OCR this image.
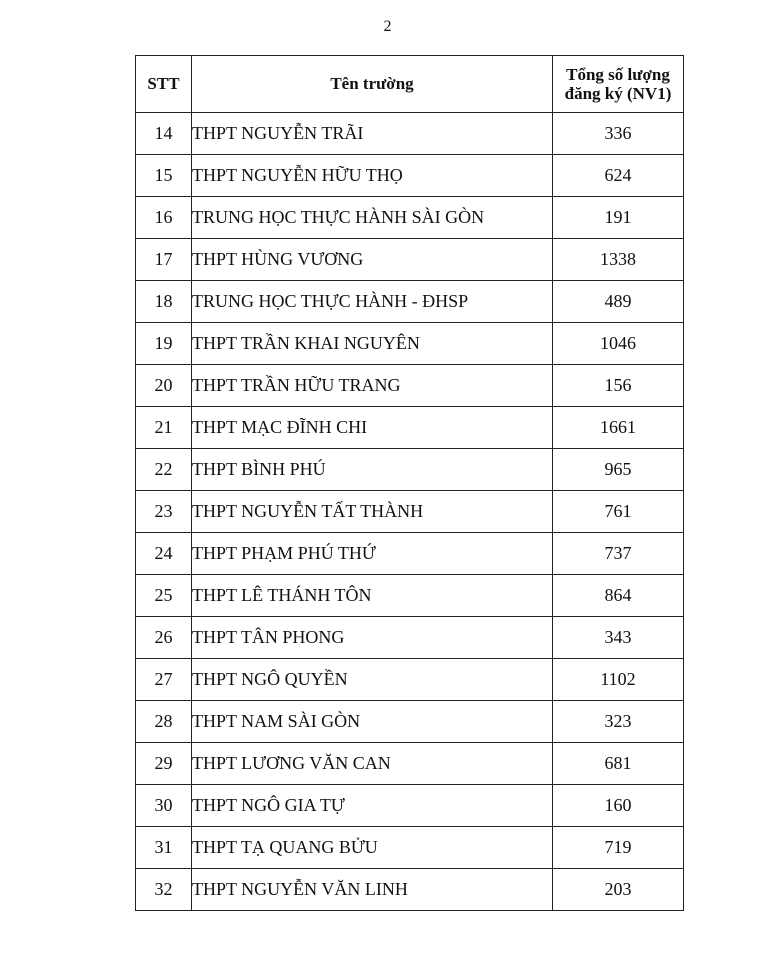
2
STT	Tên trường	Tổng số lượng
đăng ký (NV1)

14	THPT NGUYỄN TRÃI	336
15	THPT NGUYỄN HỮU THỌ	624
16	TRUNG HỌC THỰC HÀNH SÀI GÒN	191
17	THPT HÙNG VƯƠNG	1338
18	TRUNG HỌC THỰC HÀNH - ĐHSP	489
19	THPT TRẦN KHAI NGUYÊN	1046
20	THPT TRẦN HỮU TRANG	156
21	THPT MẠC ĐĨNH CHI	1661
22	THPT BÌNH PHÚ	965
23	THPT NGUYỄN TẤT THÀNH	761
24	THPT PHẠM PHÚ THỨ	737
25	THPT LÊ THÁNH TÔN	864
26	THPT TÂN PHONG	343
27	THPT NGÔ QUYỀN	1102
28	THPT NAM SÀI GÒN	323
29	THPT LƯƠNG VĂN CAN	681
30	THPT NGÔ GIA TỰ	160
31	THPT TẠ QUANG BỬU	719
32	THPT NGUYỄN VĂN LINH	203
